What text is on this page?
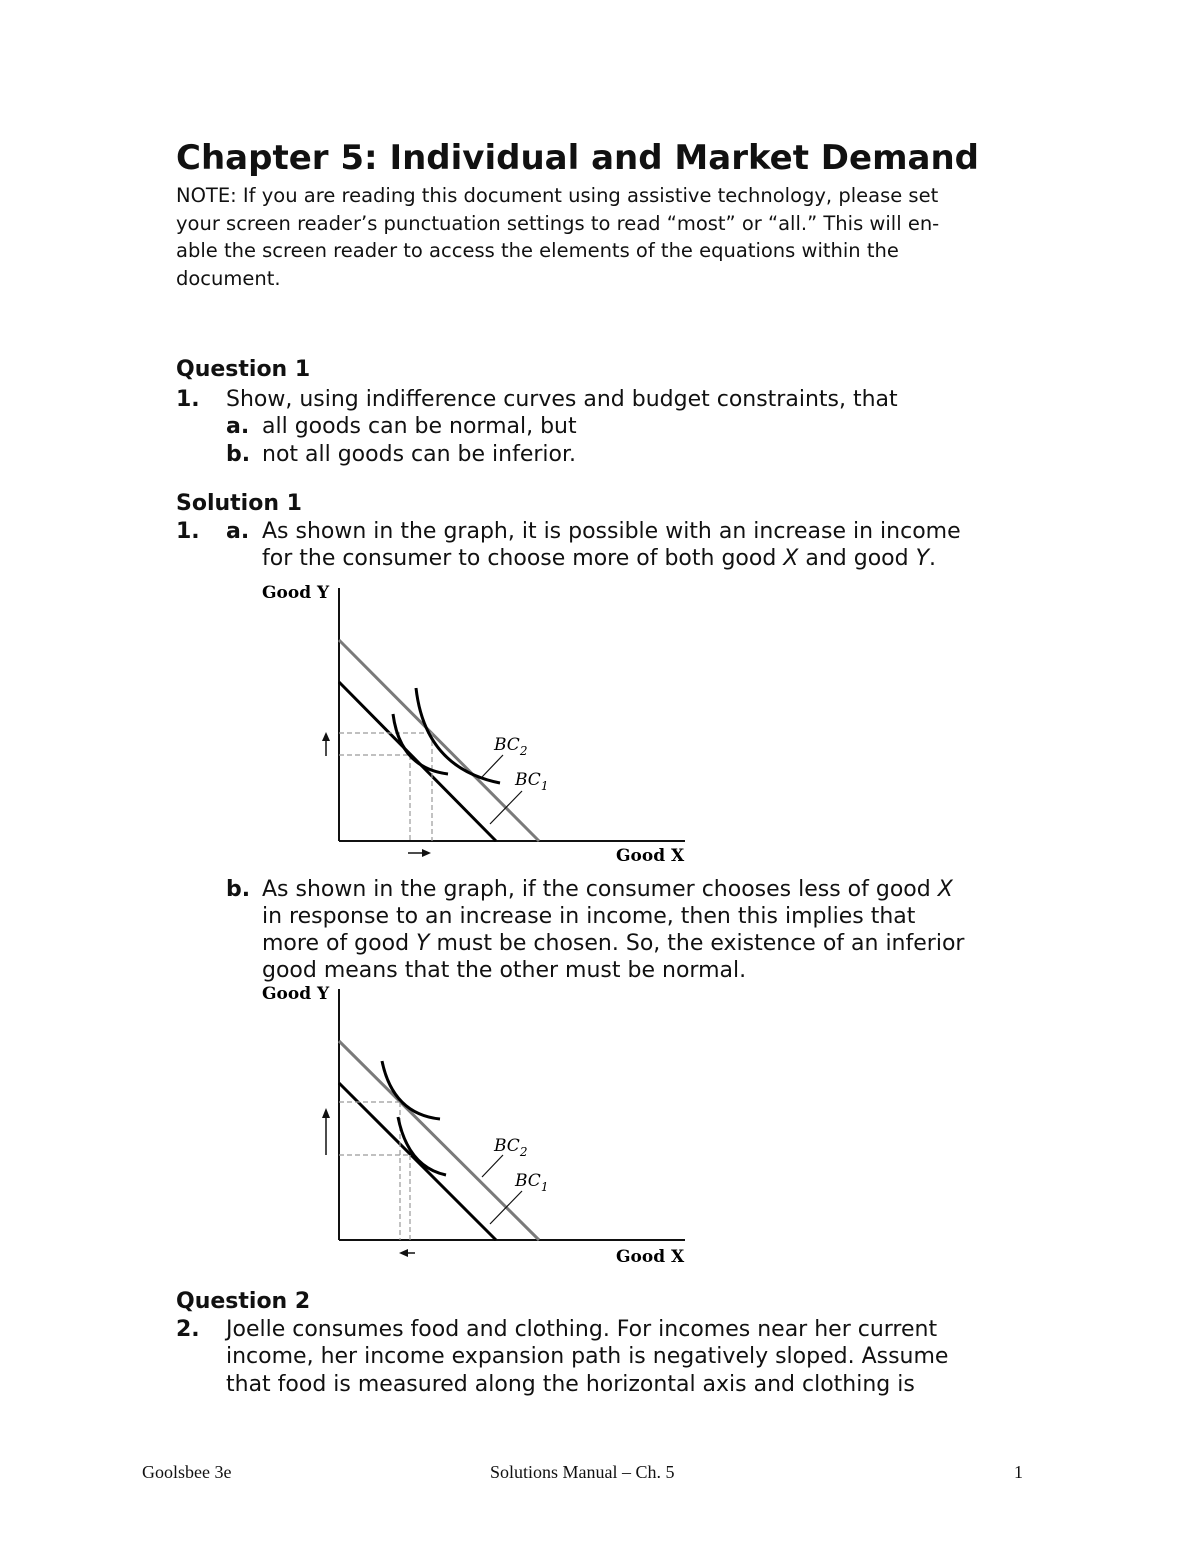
Chapter 5: Individual and Market Demand
NOTE: If you are reading this document using assistive technology, please set
your screen reader’s punctuation settings to read “most” or “all.” This will en-
able the screen reader to access the elements of the equations within the
document.
Question 1
1. Show, using indifference curves and budget constraints, that
a. all goods can be normal, but
b. not all goods can be inferior.
Solution 1
1. a. As shown in the graph, it is possible with an increase in income
for the consumer to choose more of both good X and good Y.
Good Y
$BC_2$
$BC_1$
Good X
b. As shown in the graph, if the consumer chooses less of good X
in response to an increase in income, then this implies that
more of good Y must be chosen. So, the existence of an inferior
good means that the other must be normal.
Good Y
$BC_2$
$BC_1$
Good X
Question 2
2. Joelle consumes food and clothing. For incomes near her current
income, her income expansion path is negatively sloped. Assume
that food is measured along the horizontal axis and clothing is
Goolsbee 3e	Solutions Manual – Ch. 5	1
